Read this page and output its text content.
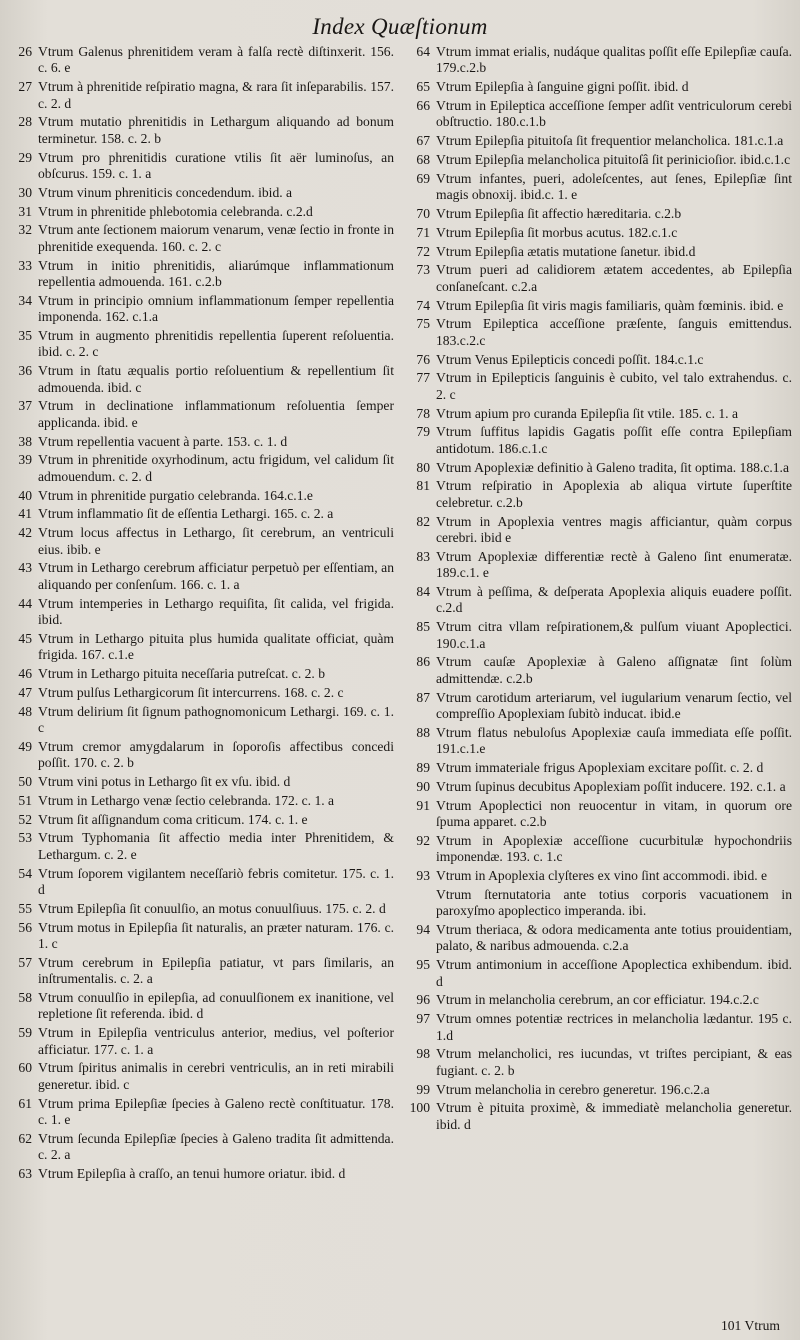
Index Quæſtionum
26 Vtrum Galenus phrenitidem veram à falſa rectè diſtinxerit. 156. c. 6. e
27 Vtrum à phrenitide reſpiratio magna, & rara ſit inſeparabilis. 157. c. 2. d
28 Vtrum mutatio phrenitidis in Lethargum aliquando ad bonum terminetur. 158. c. 2. b
29 Vtrum pro phrenitidis curatione vtilis ſit aër luminoſus, an obſcurus. 159. c. 1. a
30 Vtrum vinum phreniticis concedendum. ibid. a
31 Vtrum in phrenitide phlebotomia celebranda. c.2.d
32 Vtrum ante ſectionem maiorum venarum, venæ ſectio in fronte in phrenitide exequenda. 160. c. 2. c
33 Vtrum in initio phrenitidis, aliarúmque inflammationum repellentia admouenda. 161. c.2.b
34 Vtrum in principio omnium inflammationum ſemper repellentia imponenda. 162. c.1.a
35 Vtrum in augmento phrenitidis repellentia ſuperent reſoluentia. ibid. c. 2. c
36 Vtrum in ſtatu æqualis portio reſoluentium & repellentium ſit admouenda. ibid. c
37 Vtrum in declinatione inflammationum reſoluentia ſemper applicanda. ibid. e
38 Vtrum repellentia vacuent à parte. 153. c. 1. d
39 Vtrum in phrenitide oxyrhodinum, actu frigidum, vel calidum ſit admouendum. c. 2. d
40 Vtrum in phrenitide purgatio celebranda. 164.c.1.e
41 Vtrum inflammatio ſit de eſſentia Lethargi. 165. c. 2. a
42 Vtrum locus affectus in Lethargo, ſit cerebrum, an ventriculi eius. ibib. e
43 Vtrum in Lethargo cerebrum afficiatur perpetuò per eſſentiam, an aliquando per conſenſum. 166. c. 1. a
44 Vtrum intemperies in Lethargo requiſita, ſit calida, vel frigida. ibid.
45 Vtrum in Lethargo pituita plus humida qualitate officiat, quàm frigida. 167. c.1.e
46 Vtrum in Lethargo pituita neceſſaria putreſcat. c. 2. b
47 Vtrum pulſus Lethargicorum ſit intercurrens. 168. c. 2. c
48 Vtrum delirium ſit ſignum pathognomonicum Lethargi. 169. c. 1. c
49 Vtrum cremor amygdalarum in ſoporoſis affectibus concedi poſſit. 170. c. 2. b
50 Vtrum vini potus in Lethargo ſit ex vſu. ibid. d
51 Vtrum in Lethargo venæ ſectio celebranda. 172. c. 1. a
52 Vtrum ſit aſſignandum coma criticum. 174. c. 1. e
53 Vtrum Typhomania ſit affectio media inter Phrenitidem, & Lethargum. c. 2. e
54 Vtrum ſoporem vigilantem neceſſariò febris comitetur. 175. c. 1. d
55 Vtrum Epilepſia ſit conuulſio, an motus conuulſiuus. 175. c. 2. d
56 Vtrum motus in Epilepſia ſit naturalis, an præter naturam. 176. c. 1. c
57 Vtrum cerebrum in Epilepſia patiatur, vt pars ſimilaris, an inſtrumentalis. c. 2. a
58 Vtrum conuulſio in epilepſia, ad conuulſionem ex inanitione, vel repletione ſit referenda. ibid. d
59 Vtrum in Epilepſia ventriculus anterior, medius, vel poſterior afficiatur. 177. c. 1. a
60 Vtrum ſpiritus animalis in cerebri ventriculis, an in reti mirabili generetur. ibid. c
61 Vtrum prima Epilepſiæ ſpecies à Galeno rectè conſtituatur. 178. c. 1. e
62 Vtrum ſecunda Epilepſiæ ſpecies à Galeno tradita ſit admittenda. c. 2. a
63 Vtrum Epilepſia à craſſo, an tenui humore oriatur. ibid. d
64 Vtrum immat erialis, nudáque qualitas poſſit eſſe Epilepſiæ cauſa. 179.c.2.b
65 Vtrum Epilepſia à ſanguine gigni poſſit. ibid. d
66 Vtrum in Epileptica acceſſione ſemper adſit ventriculorum cerebi obſtructio. 180.c.1.b
67 Vtrum Epilepſia pituitoſa ſit frequentior melancholica. 181.c.1.a
68 Vtrum Epilepſia melancholica pituitoſâ ſit perinicioſior. ibid.c.1.c
69 Vtrum infantes, pueri, adoleſcentes, aut ſenes, Epilepſiæ ſint magis obnoxij. ibid.c. 1. e
70 Vtrum Epilepſia ſit affectio hæreditaria. c.2.b
71 Vtrum Epilepſia ſit morbus acutus. 182.c.1.c
72 Vtrum Epilepſia ætatis mutatione ſanetur. ibid.d
73 Vtrum pueri ad calidiorem ætatem accedentes, ab Epilepſia conſaneſcant. c.2.a
74 Vtrum Epilepſia ſit viris magis familiaris, quàm fœminis. ibid. e
75 Vtrum Epileptica acceſſione præſente, ſanguis emittendus. 183.c.2.c
76 Vtrum Venus Epilepticis concedi poſſit. 184.c.1.c
77 Vtrum in Epilepticis ſanguinis è cubito, vel talo extrahendus. c. 2. c
78 Vtrum apium pro curanda Epilepſia ſit vtile. 185. c. 1. a
79 Vtrum ſuffitus lapidis Gagatis poſſit eſſe contra Epilepſiam antidotum. 186.c.1.c
80 Vtrum Apoplexiæ definitio à Galeno tradita, ſit optima. 188.c.1.a
81 Vtrum reſpiratio in Apoplexia ab aliqua virtute ſuperſtite celebretur. c.2.b
82 Vtrum in Apoplexia ventres magis afficiantur, quàm corpus cerebri. ibid e
83 Vtrum Apoplexiæ differentiæ rectè à Galeno ſint enumeratæ. 189.c.1. e
84 Vtrum à peſſima, & deſperata Apoplexia aliquis euadere poſſit. c.2.d
85 Vtrum citra vllam reſpirationem,& pulſum viuant Apoplectici. 190.c.1.a
86 Vtrum cauſæ Apoplexiæ à Galeno aſſignatæ ſint ſolùm admittendæ. c.2.b
87 Vtrum carotidum arteriarum, vel iugularium venarum ſectio, vel compreſſio Apoplexiam ſubitò inducat. ibid.e
88 Vtrum flatus nebuloſus Apoplexiæ cauſa immediata eſſe poſſit. 191.c.1.e
89 Vtrum immateriale frigus Apoplexiam excitare poſſit. c. 2. d
90 Vtrum ſupinus decubitus Apoplexiam poſſit inducere. 192. c.1. a
91 Vtrum Apoplectici non reuocentur in vitam, in quorum ore ſpuma apparet. c.2.b
92 Vtrum in Apoplexiæ acceſſione cucurbitulæ hypochondriis imponendæ. 193. c. 1.c
93 Vtrum in Apoplexia clyſteres ex vino ſint accommodi. ibid. e
Vtrum ſternutatoria ante totius corporis vacuationem in paroxyſmo apoplectico imperanda. ibi.
94 Vtrum theriaca, & odora medicamenta ante totius prouidentiam, palato, & naribus admouenda. c.2.a
95 Vtrum antimonium in acceſſione Apoplectica exhibendum. ibid. d
96 Vtrum in melancholia cerebrum, an cor efficiatur. 194.c.2.c
97 Vtrum omnes potentiæ rectrices in melancholia lædantur. 195 c. 1.d
98 Vtrum melancholici, res iucundas, vt triſtes percipiant, & eas fugiant. c. 2. b
99 Vtrum melancholia in cerebro generetur. 196.c.2.a
100 Vtrum è pituita proximè, & immediatè melancholia generetur. ibid. d
101 Vtrum
